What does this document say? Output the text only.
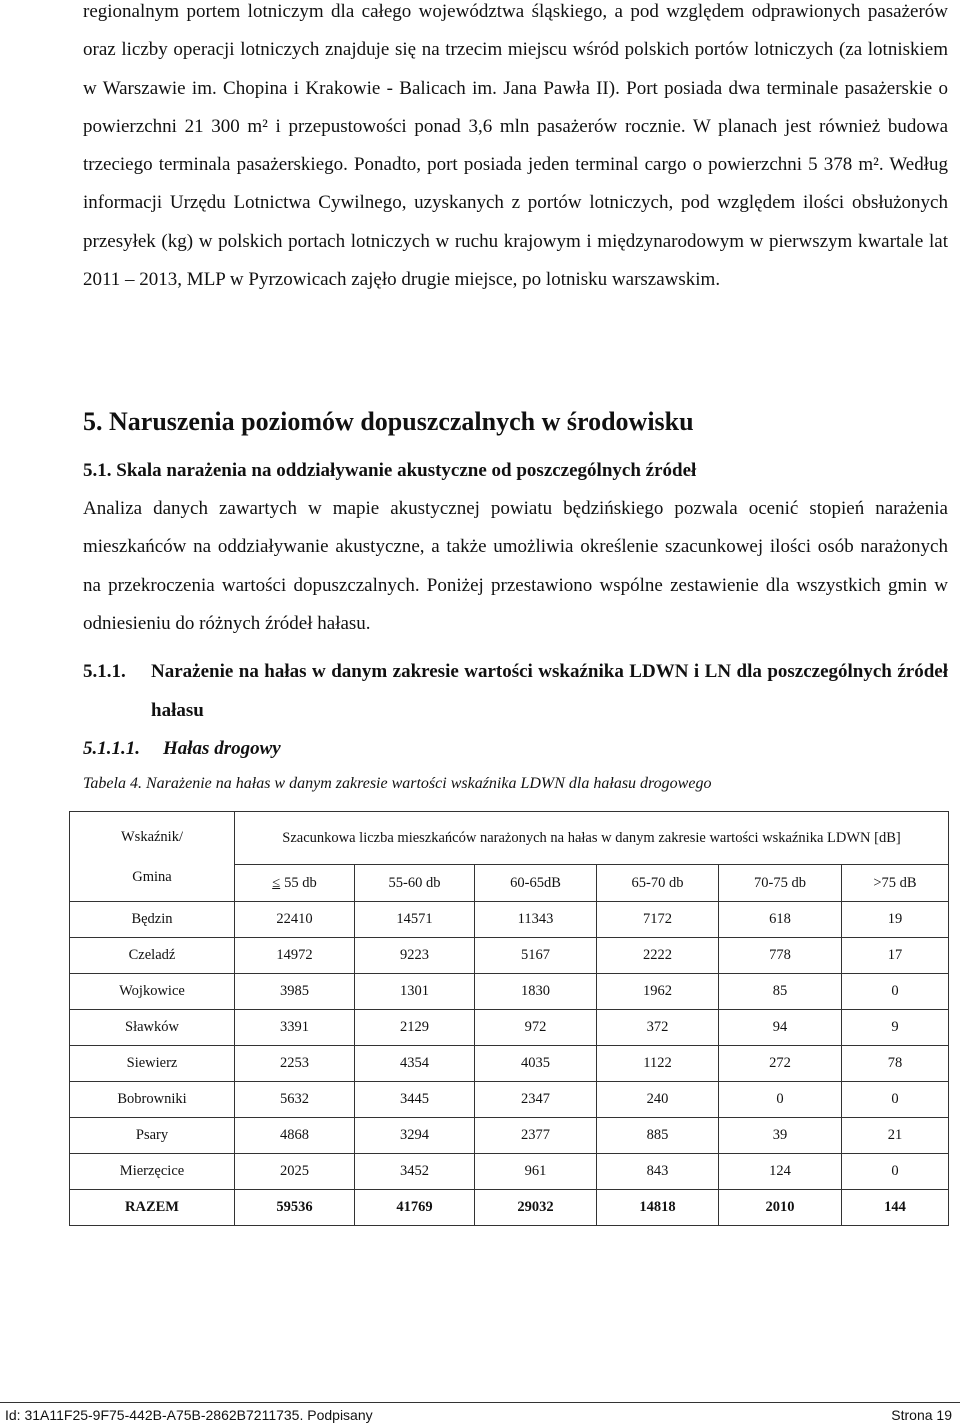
regionalnym portem lotniczym dla całego województwa śląskiego, a pod względem odprawionych pasażerów oraz liczby operacji lotniczych znajduje się na trzecim miejscu wśród polskich portów lotniczych (za lotniskiem w Warszawie im. Chopina i Krakowie - Balicach im. Jana Pawła II). Port posiada dwa terminale pasażerskie o powierzchni 21 300 m² i przepustowości ponad 3,6 mln pasażerów rocznie. W planach jest również budowa trzeciego terminala pasażerskiego. Ponadto, port posiada jeden terminal cargo o powierzchni 5 378 m². Według informacji Urzędu Lotnictwa Cywilnego, uzyskanych z portów lotniczych, pod względem ilości obsłużonych przesyłek (kg) w polskich portach lotniczych w ruchu krajowym i międzynarodowym w pierwszym kwartale lat 2011 – 2013, MLP w Pyrzowicach zajęło drugie miejsce, po lotnisku warszawskim.

5. Naruszenia poziomów dopuszczalnych w środowisku
5.1. Skala narażenia na oddziaływanie akustyczne od poszczególnych źródeł

Analiza danych zawartych w mapie akustycznej powiatu będzińskiego pozwala ocenić stopień narażenia mieszkańców na oddziaływanie akustyczne, a także umożliwia określenie szacunkowej ilości osób narażonych na przekroczenia wartości dopuszczalnych. Poniżej przestawiono wspólne zestawienie dla wszystkich gmin w odniesieniu do różnych źródeł hałasu.

5.1.1. Narażenie na hałas w danym zakresie wartości wskaźnika LDWN i LN dla poszczególnych źródeł hałasu
5.1.1.1. Hałas drogowy

Tabela 4. Narażenie na hałas w danym zakresie wartości wskaźnika LDWN dla hałasu drogowego

Wskaźnik/
Gmina	Szacunkowa liczba mieszkańców narażonych na hałas w danym zakresie wartości wskaźnika LDWN [dB]					
	≤ 55 db	55-60 db	60-65dB	65-70 db	70-75 db	>75 dB
Będzin	22410	14571	11343	7172	618	19
Czeladź	14972	9223	5167	2222	778	17
Wojkowice	3985	1301	1830	1962	85	0
Sławków	3391	2129	972	372	94	9
Siewierz	2253	4354	4035	1122	272	78
Bobrowniki	5632	3445	2347	240	0	0
Psary	4868	3294	2377	885	39	21
Mierzęcice	2025	3452	961	843	124	0
RAZEM	59536	41769	29032	14818	2010	144
Id: 31A11F25-9F75-442B-A75B-2862B7211735. Podpisany	Strona 19
